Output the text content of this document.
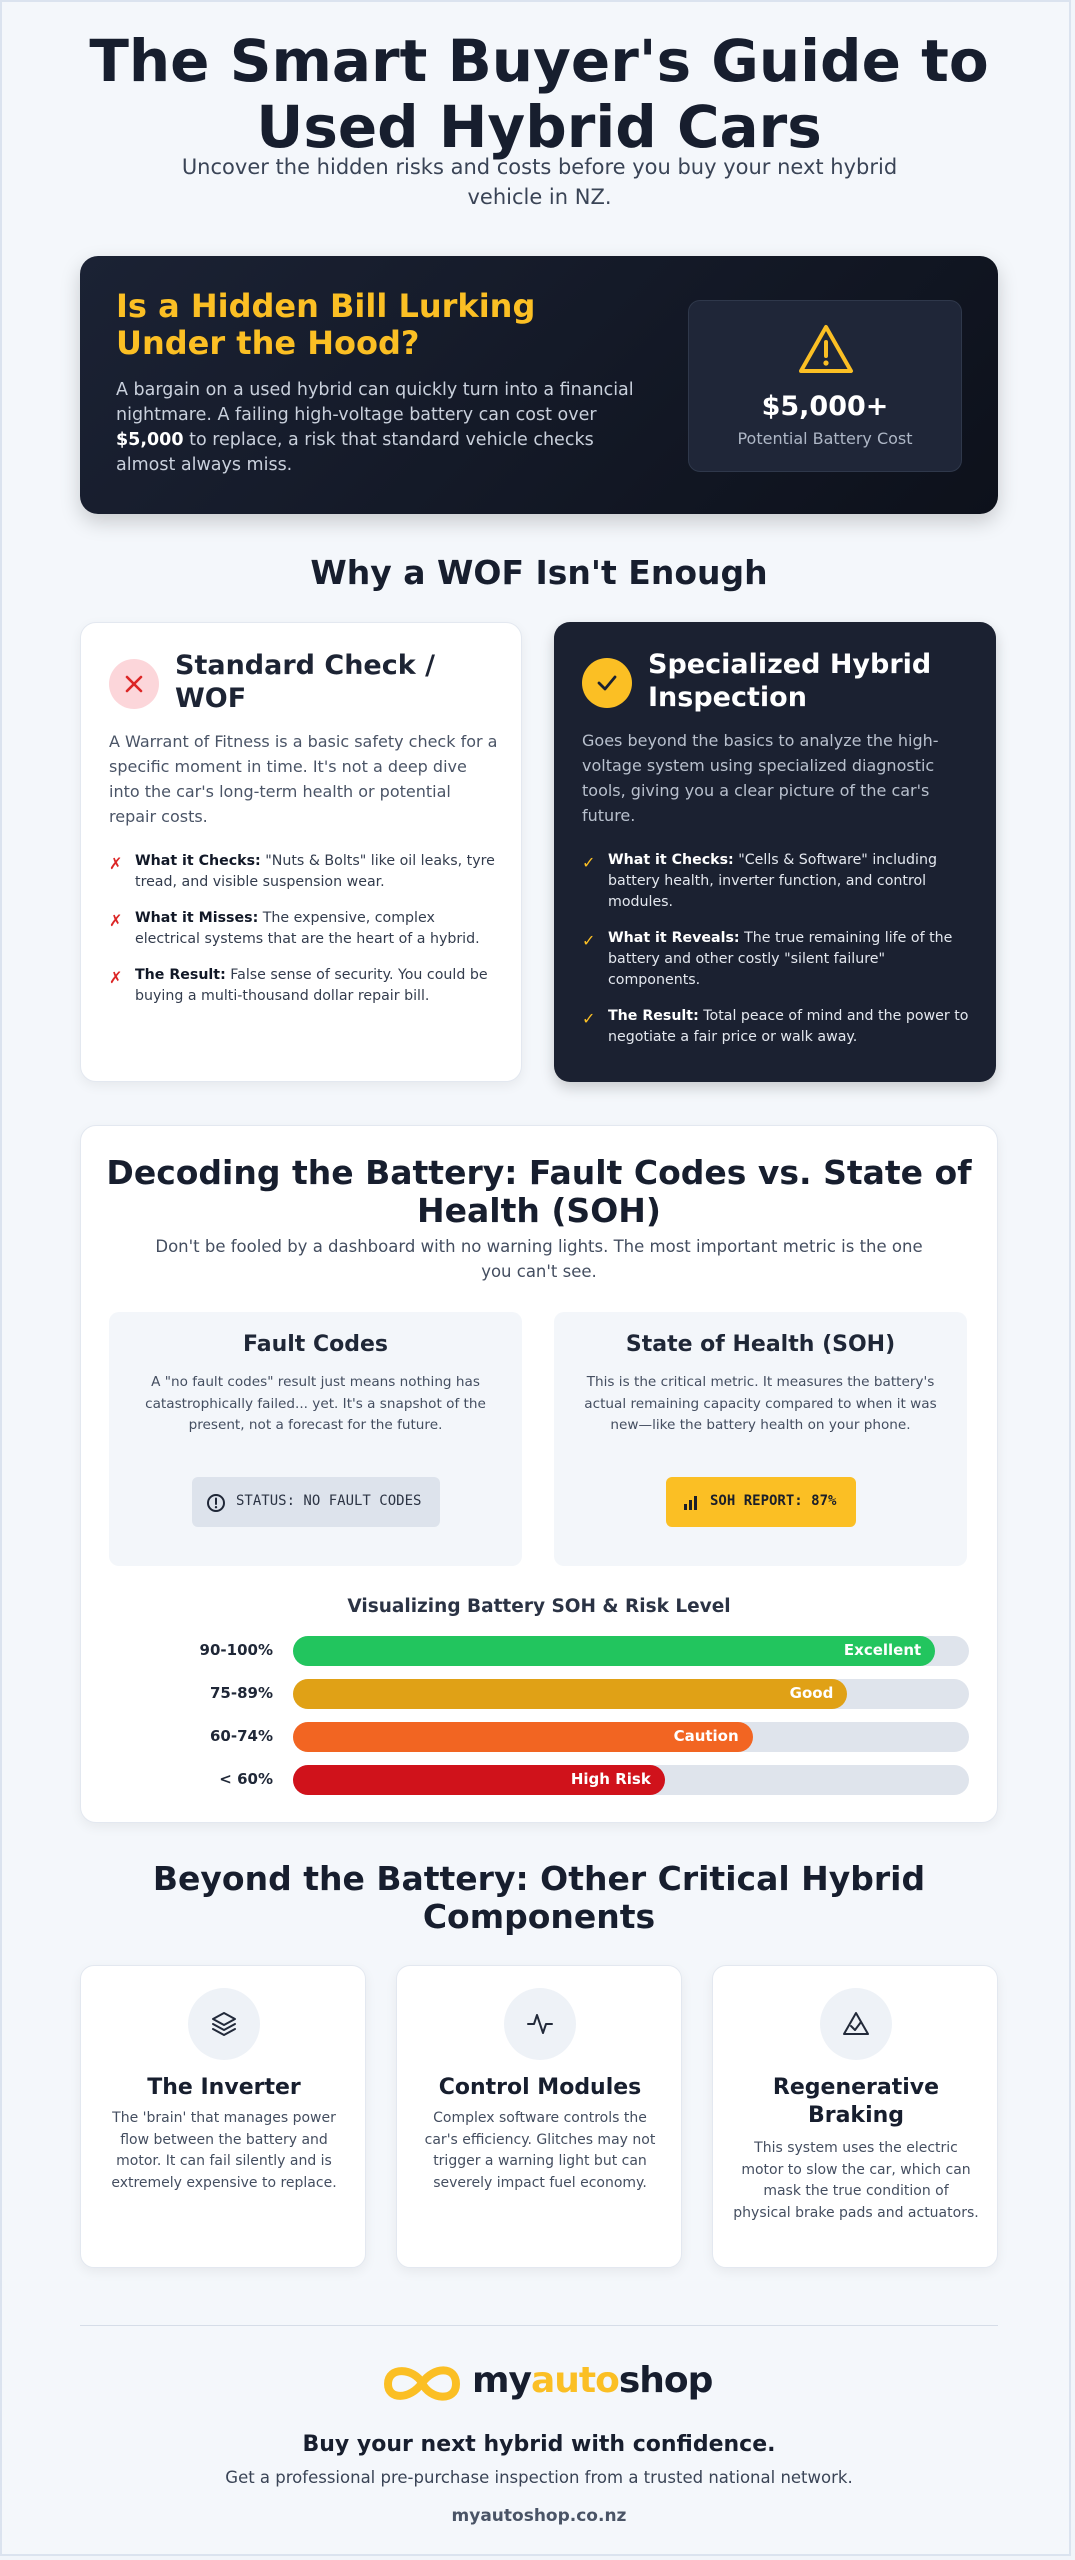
The Smart Buyer's Guide to Used Hybrid Cars
Uncover the hidden risks and costs before you buy your next hybrid vehicle in NZ.
Is a Hidden Bill Lurking Under the Hood?

A bargain on a used hybrid can quickly turn into a financial nightmare. A failing high-voltage battery can cost over $5,000 to replace, a risk that standard vehicle checks almost always miss.

$5,000+
Potential Battery Cost
Why a WOF Isn't Enough
Standard Check / WOF

A Warrant of Fitness is a basic safety check for a specific moment in time. It's not a deep dive into the car's long-term health or potential repair costs.

✗ What it Checks: "Nuts & Bolts" like oil leaks, tyre tread, and visible suspension wear.
✗ What it Misses: The expensive, complex electrical systems that are the heart of a hybrid.
✗ The Result: False sense of security. You could be buying a multi-thousand dollar repair bill.
Specialized Hybrid Inspection

Goes beyond the basics to analyze the high-voltage system using specialized diagnostic tools, giving you a clear picture of the car's future.

✓ What it Checks: "Cells & Software" including battery health, inverter function, and control modules.
✓ What it Reveals: The true remaining life of the battery and other costly "silent failure" components.
✓ The Result: Total peace of mind and the power to negotiate a fair price or walk away.
Decoding the Battery: Fault Codes vs. State of Health (SOH)

Don't be fooled by a dashboard with no warning lights. The most important metric is the one you can't see.

Fault Codes

A "no fault codes" result just means nothing has catastrophically failed... yet. It's a snapshot of the present, not a forecast for the future.

STATUS: NO FAULT CODES
State of Health (SOH)

This is the critical metric. It measures the battery's actual remaining capacity compared to when it was new—like the battery health on your phone.

SOH REPORT: 87%
Visualizing Battery SOH & Risk Level
90-100%	Excellent
75-89%	Good
60-74%	Caution
< 60%	High Risk
Beyond the Battery: Other Critical Hybrid Components
The Inverter

The 'brain' that manages power flow between the battery and motor. It can fail silently and is extremely expensive to replace.

Control Modules

Complex software controls the car's efficiency. Glitches may not trigger a warning light but can severely impact fuel economy.

Regenerative Braking

This system uses the electric motor to slow the car, which can mask the true condition of physical brake pads and actuators.

myautoshop
Buy your next hybrid with confidence.

Get a professional pre-purchase inspection from a trusted national network.

myautoshop.co.nz
